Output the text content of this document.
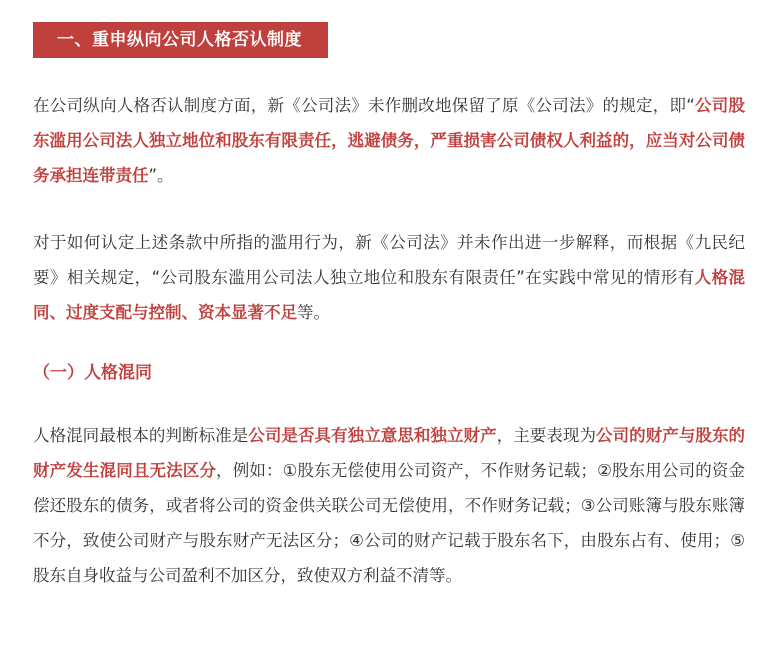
一、重申纵向公司人格否认制度
在公司纵向人格否认制度方面，新《公司法》未作删改地保留了原《公司法》的规定，即“公司股东滥用公司法人独立地位和股东有限责任，逃避债务，严重损害公司债权人利益的，应当对公司债务承担连带责任”。
对于如何认定上述条款中所指的滥用行为，新《公司法》并未作出进一步解释，而根据《九民纪要》相关规定，“公司股东滥用公司法人独立地位和股东有限责任”在实践中常见的情形有人格混同、过度支配与控制、资本显著不足等。
（一）人格混同
人格混同最根本的判断标准是公司是否具有独立意思和独立财产，主要表现为公司的财产与股东的财产发生混同且无法区分，例如：①股东无偿使用公司资产，不作财务记载；②股东用公司的资金偿还股东的债务，或者将公司的资金供关联公司无偿使用，不作财务记载；③公司账簿与股东账簿不分，致使公司财产与股东财产无法区分；④公司的财产记载于股东名下，由股东占有、使用；⑤股东自身收益与公司盈利不加区分，致使双方利益不清等。
